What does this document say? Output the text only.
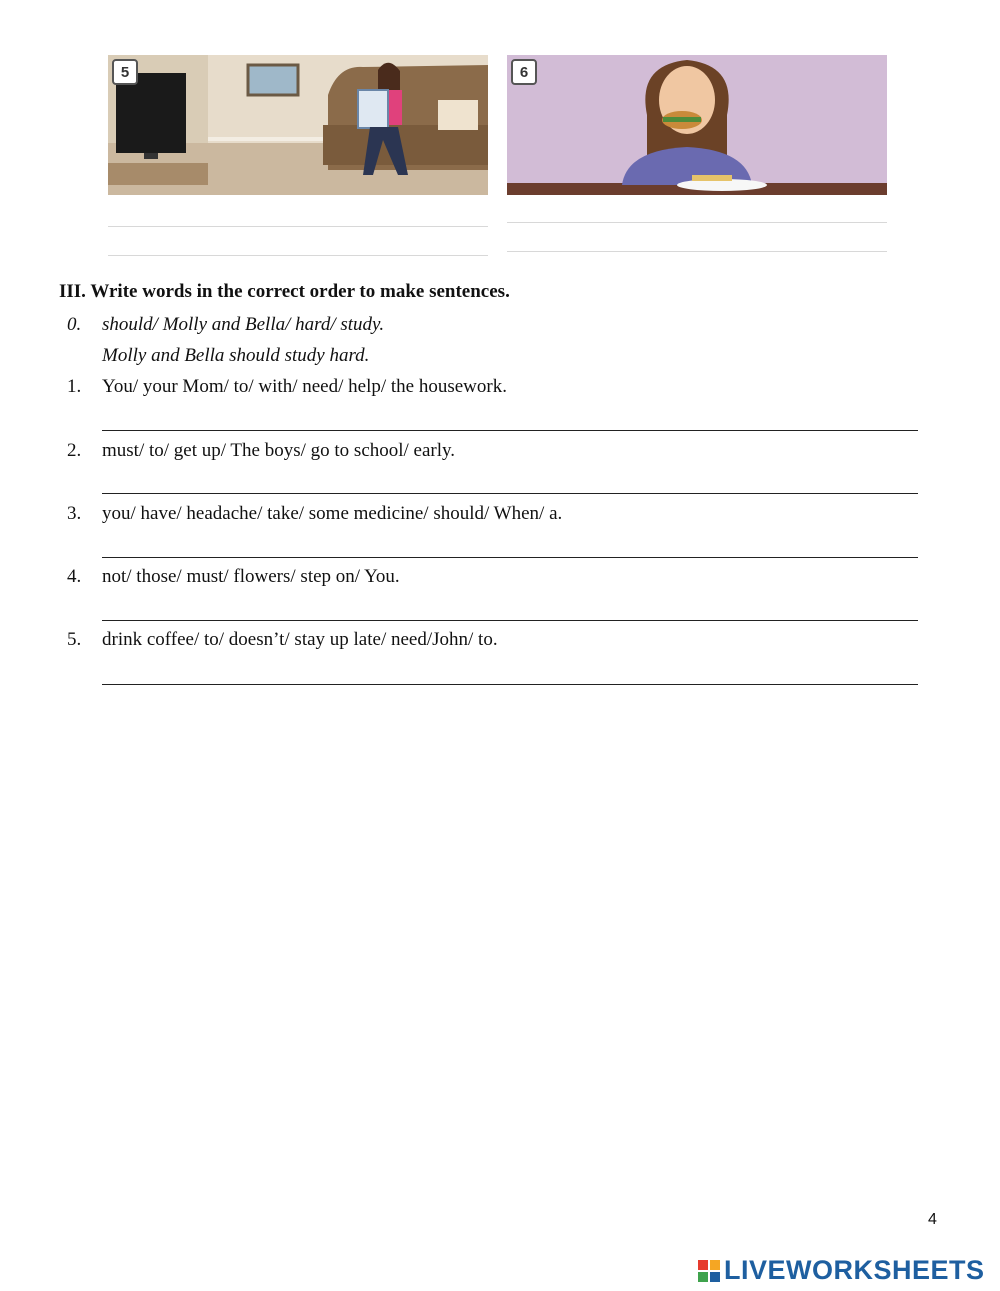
5	6
III. Write words in the correct order to make sentences.
0.	should/ Molly and Bella/ hard/ study.
Molly and Bella should study hard.
1.	You/ your Mom/ to/ with/ need/ help/ the housework.
2.	must/ to/ get up/ The boys/ go to school/ early.
3.	you/ have/ headache/ take/ some medicine/ should/ When/ a.
4.	not/ those/ must/ flowers/ step on/ You.
5.	drink coffee/ to/ doesn’t/ stay up late/ need/John/ to.
4
LIVEWORKSHEETS
